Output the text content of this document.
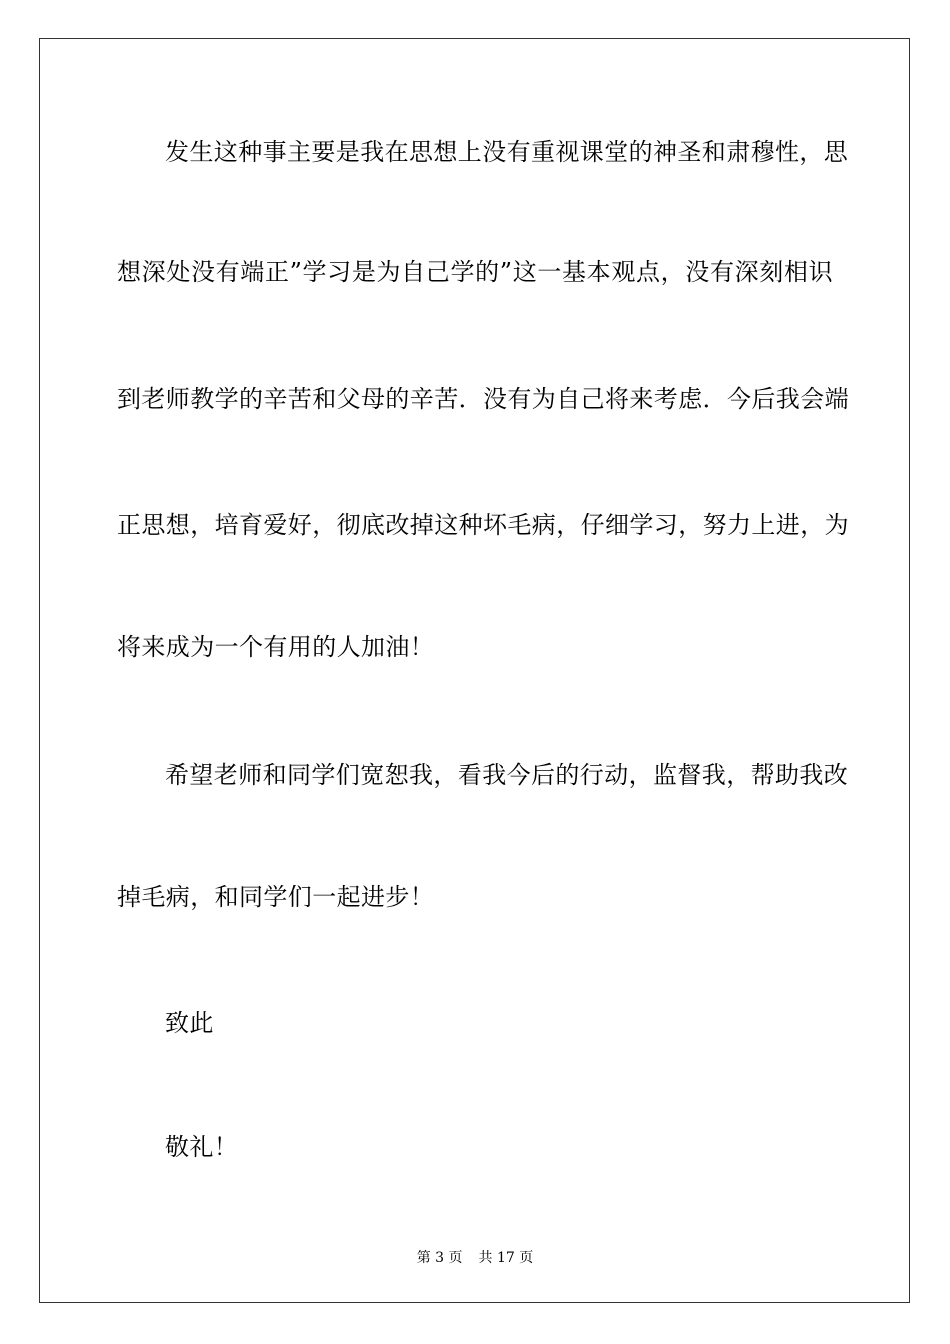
发生这种事主要是我在思想上没有重视课堂的神圣和肃穆性，思
想深处没有端正”学习是为自己学的”这一基本观点，没有深刻相识
到老师教学的辛苦和父母的辛苦．没有为自己将来考虑．今后我会端
正思想，培育爱好，彻底改掉这种坏毛病，仔细学习，努力上进，为
将来成为一个有用的人加油！
希望老师和同学们宽恕我，看我今后的行动，监督我，帮助我改
掉毛病，和同学们一起进步！
致此
敬礼！
第 3 页 共 17 页
